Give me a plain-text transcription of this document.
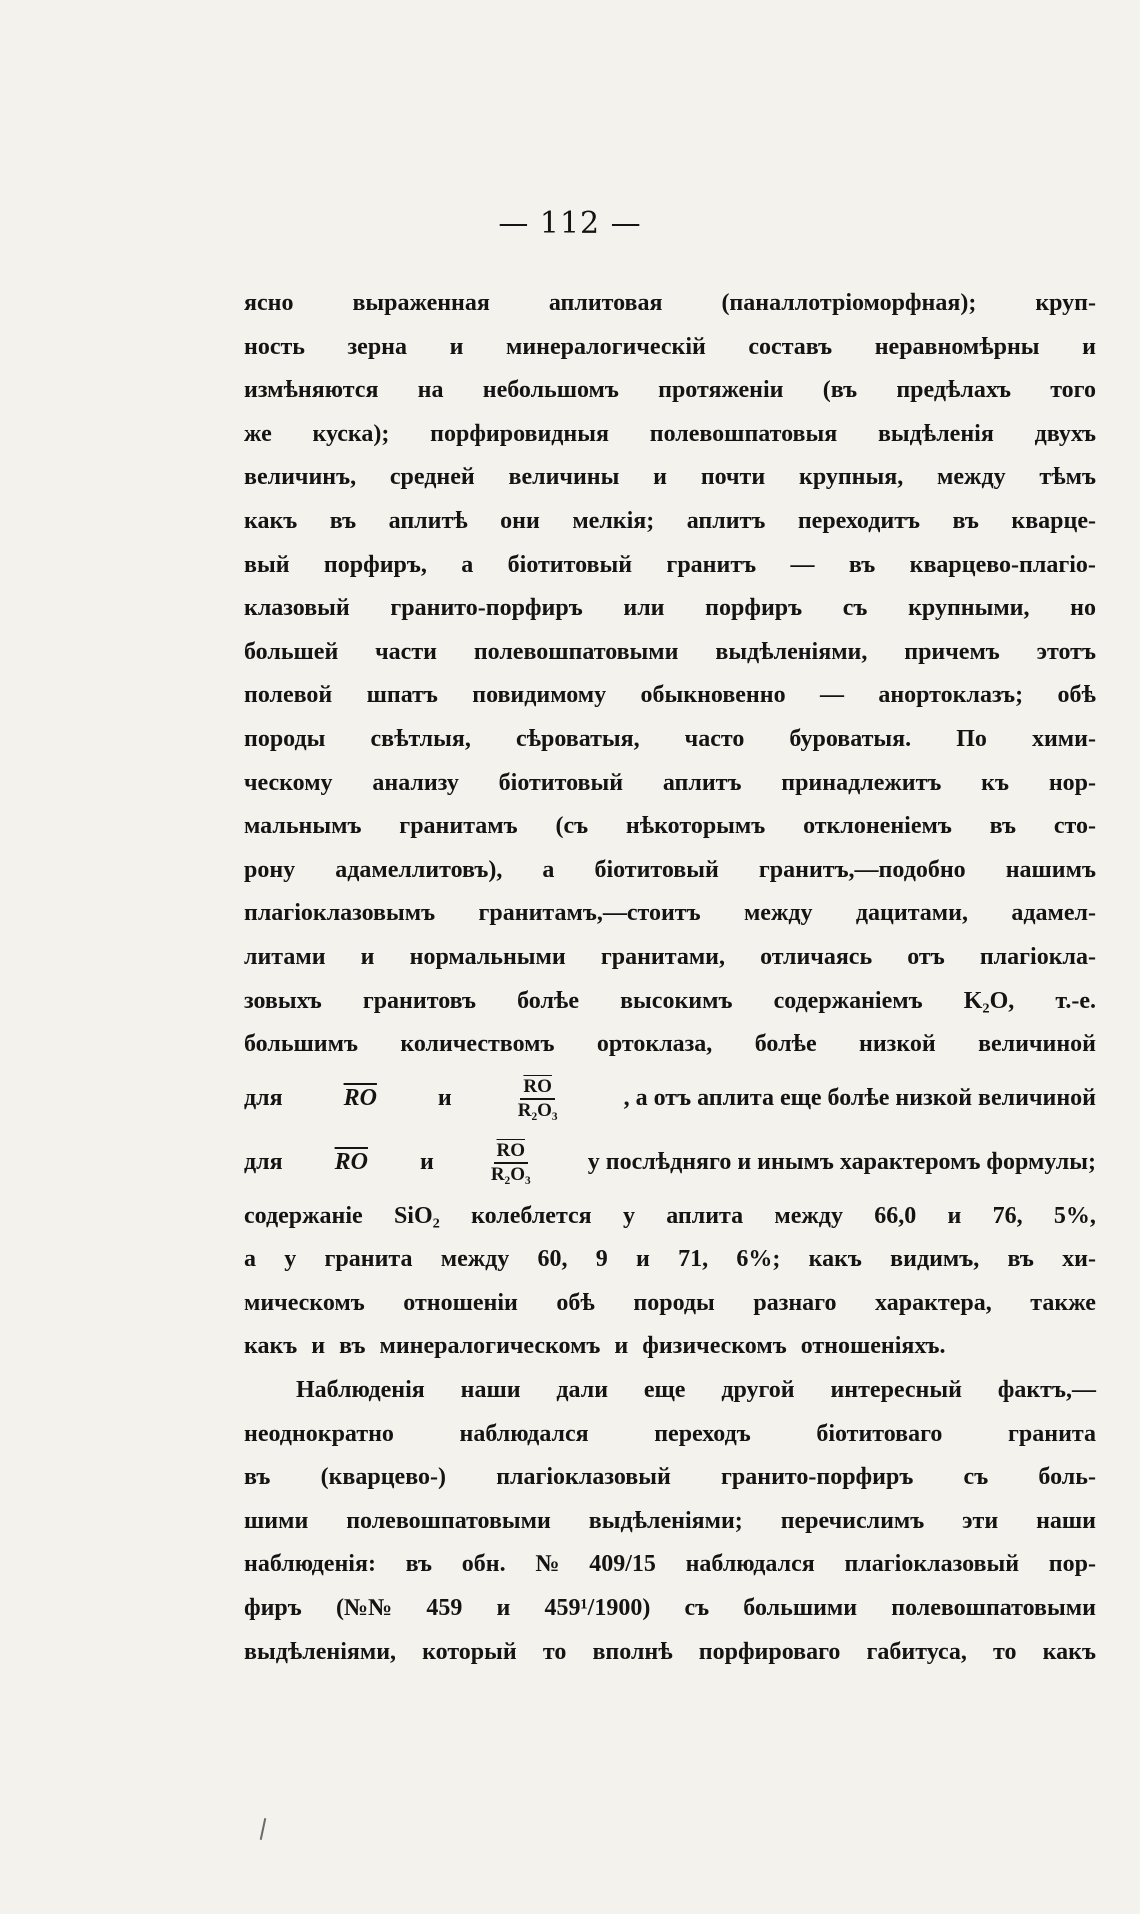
— 112 —
ясно выраженная аплитовая (паналлотріоморфная); круп-
ность зерна и минералогическій составъ неравномѣрны и
измѣняются на небольшомъ протяженіи (въ предѣлахъ того
же куска); порфировидныя полевошпатовыя выдѣленія двухъ
величинъ, средней величины и почти крупныя, между тѣмъ
какъ въ аплитѣ они мелкія; аплитъ переходитъ въ кварце-
вый порфиръ, а біотитовый гранитъ — въ кварцево-плагіо-
клазовый гранито-порфиръ или порфиръ съ крупными, но
большей части полевошпатовыми выдѣленіями, причемъ этотъ
полевой шпатъ повидимому обыкновенно — анортоклазъ; обѣ
породы свѣтлыя, сѣроватыя, часто буроватыя. По хими-
ческому анализу біотитовый аплитъ принадлежитъ къ нор-
мальнымъ гранитамъ (съ нѣкоторымъ отклоненіемъ въ сто-
рону адамеллитовъ), а біотитовый гранитъ,—подобно нашимъ
плагіоклазовымъ гранитамъ,—стоитъ между дацитами, адамел-
литами и нормальными гранитами, отличаясь отъ плагіокла-
зовыхъ гранитовъ болѣе высокимъ содержаніемъ K₂O, т.-е.
большимъ количествомъ ортоклаза, болѣе низкой величиной
для	$\overline{RO}$	и	$\frac{\overline{RO}}{\text{R₂O₃}}$	, а отъ аплита еще болѣе низкой величиной
для $\overline{RO}$ и	$\frac{\overline{RO}}{\text{R₂O₃}}$ у послѣдняго и инымъ характеромъ формулы;
содержаніе SiO₂ колеблется у аплита между 66,0 и 76, 5%,
а у гранита между 60, 9 и 71, 6%; какъ видимъ, въ хи-
мическомъ отношеніи обѣ породы разнаго характера, также
какъ и въ минералогическомъ и физическомъ отношеніяхъ.
Наблюденія наши дали еще другой интересный фактъ,—
неоднократно	наблюдался	переходъ	біотитоваго	гранита
въ (кварцево-) плагіоклазовый гранито-порфиръ съ боль-
шими полевошпатовыми выдѣленіями; перечислимъ эти наши
наблюденія: въ обн. № 409/15 наблюдался плагіоклазовый пор-
фиръ (№№ 459 и 459¹/1900) съ большими полевошпатовыми
выдѣленіями, который то вполнѣ порфироваго габитуса, то какъ
